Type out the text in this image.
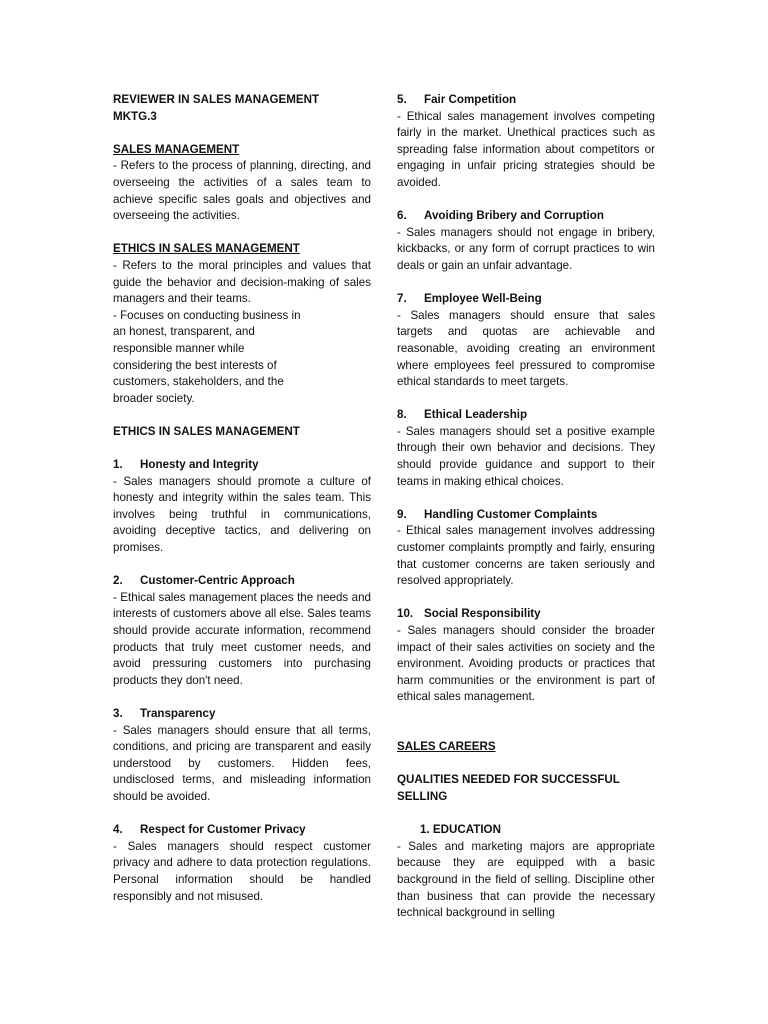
REVIEWER IN SALES MANAGEMENT
MKTG.3
SALES MANAGEMENT

- Refers to the process of planning, directing, and overseeing the activities of a sales team to achieve specific sales goals and objectives and overseeing the activities.

ETHICS IN SALES MANAGEMENT

- Refers to the moral principles and values that guide the behavior and decision-making of sales managers and their teams.

- Focuses on conducting business in
an honest, transparent, and
responsible manner while
considering the best interests of
customers, stakeholders, and the
broader society.
ETHICS IN SALES MANAGEMENT
1. Honesty and Integrity

- Sales managers should promote a culture of honesty and integrity within the sales team. This involves being truthful in communications, avoiding deceptive tactics, and delivering on promises.

2. Customer-Centric Approach

- Ethical sales management places the needs and interests of customers above all else. Sales teams should provide accurate information, recommend products that truly meet customer needs, and avoid pressuring customers into purchasing products they don't need.

3. Transparency

- Sales managers should ensure that all terms, conditions, and pricing are transparent and easily understood by customers. Hidden fees, undisclosed terms, and misleading information should be avoided.

4. Respect for Customer Privacy

- Sales managers should respect customer privacy and adhere to data protection regulations. Personal information should be handled responsibly and not misused.

5. Fair Competition

- Ethical sales management involves competing fairly in the market. Unethical practices such as spreading false information about competitors or engaging in unfair pricing strategies should be avoided.

6. Avoiding Bribery and Corruption

- Sales managers should not engage in bribery, kickbacks, or any form of corrupt practices to win deals or gain an unfair advantage.

7. Employee Well-Being

- Sales managers should ensure that sales targets and quotas are achievable and reasonable, avoiding creating an environment where employees feel pressured to compromise ethical standards to meet targets.

8. Ethical Leadership

- Sales managers should set a positive example through their own behavior and decisions. They should provide guidance and support to their teams in making ethical choices.

9. Handling Customer Complaints

- Ethical sales management involves addressing customer complaints promptly and fairly, ensuring that customer concerns are taken seriously and resolved appropriately.

10. Social Responsibility

- Sales managers should consider the broader impact of their sales activities on society and the environment. Avoiding products or practices that harm communities or the environment is part of ethical sales management.

SALES CAREERS
QUALITIES NEEDED FOR SUCCESSFUL SELLING
1. EDUCATION

- Sales and marketing majors are appropriate because they are equipped with a basic background in the field of selling. Discipline other than business that can provide the necessary technical background in selling
